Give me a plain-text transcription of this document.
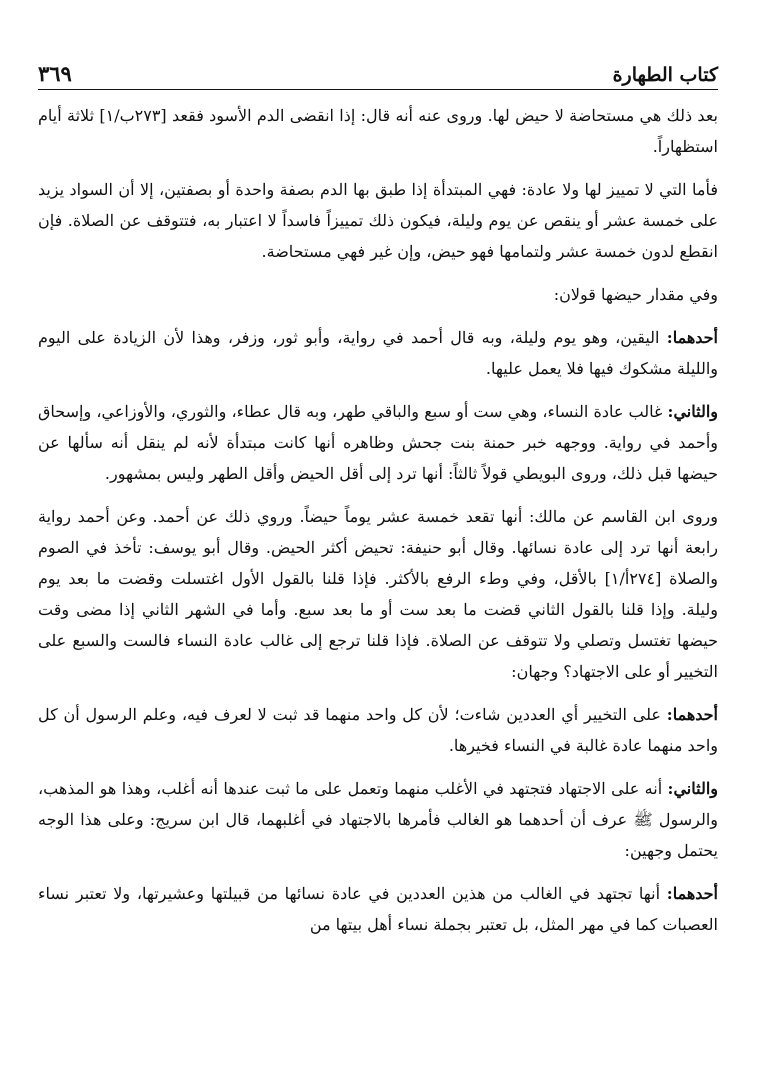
٣٦٩	كتاب الطهارة

بعد ذلك هي مستحاضة لا حيض لها. وروى عنه أنه قال: إذا انقضى الدم الأسود فقعد [٢٧٣ب/١] ثلاثة أيام استظهاراً.

فأما التي لا تمييز لها ولا عادة: فهي المبتدأة إذا طبق بها الدم بصفة واحدة أو بصفتين، إلا أن السواد يزيد على خمسة عشر أو ينقص عن يوم وليلة، فيكون ذلك تمييزاً فاسداً لا اعتبار به، فتتوقف عن الصلاة. فإن انقطع لدون خمسة عشر ولتمامها فهو حيض، وإن غير فهي مستحاضة.

وفي مقدار حيضها قولان:

أحدهما: اليقين، وهو يوم وليلة، وبه قال أحمد في رواية، وأبو ثور، وزفر، وهذا لأن الزيادة على اليوم والليلة مشكوك فيها فلا يعمل عليها.

والثاني: غالب عادة النساء، وهي ست أو سبع والباقي طهر، وبه قال عطاء، والثوري، والأوزاعي، وإسحاق وأحمد في رواية. ووجهه خبر حمنة بنت جحش وظاهره أنها كانت مبتدأة لأنه لم ينقل أنه سألها عن حيضها قبل ذلك، وروى البويطي قولاً ثالثاً: أنها ترد إلى أقل الحيض وأقل الطهر وليس بمشهور.

وروى ابن القاسم عن مالك: أنها تقعد خمسة عشر يوماً حيضاً. وروي ذلك عن أحمد. وعن أحمد رواية رابعة أنها ترد إلى عادة نسائها. وقال أبو حنيفة: تحيض أكثر الحيض. وقال أبو يوسف: تأخذ في الصوم والصلاة [٢٧٤أ/١] بالأقل، وفي وطء الرفع بالأكثر. فإذا قلنا بالقول الأول اغتسلت وقضت ما بعد يوم وليلة. وإذا قلنا بالقول الثاني قضت ما بعد ست أو ما بعد سبع. وأما في الشهر الثاني إذا مضى وقت حيضها تغتسل وتصلي ولا تتوقف عن الصلاة. فإذا قلنا ترجع إلى غالب عادة النساء فالست والسبع على التخيير أو على الاجتهاد؟ وجهان:

أحدهما: على التخيير أي العددين شاءت؛ لأن كل واحد منهما قد ثبت لا لعرف فيه، وعلم الرسول أن كل واحد منهما عادة غالبة في النساء فخيرها.

والثاني: أنه على الاجتهاد فتجتهد في الأغلب منهما وتعمل على ما ثبت عندها أنه أغلب، وهذا هو المذهب، والرسول ﷺ عرف أن أحدهما هو الغالب فأمرها بالاجتهاد في أغلبهما، قال ابن سريج: وعلى هذا الوجه يحتمل وجهين:

أحدهما: أنها تجتهد في الغالب من هذين العددين في عادة نسائها من قبيلتها وعشيرتها، ولا تعتبر نساء العصبات كما في مهر المثل، بل تعتبر بجملة نساء أهل بيتها من
